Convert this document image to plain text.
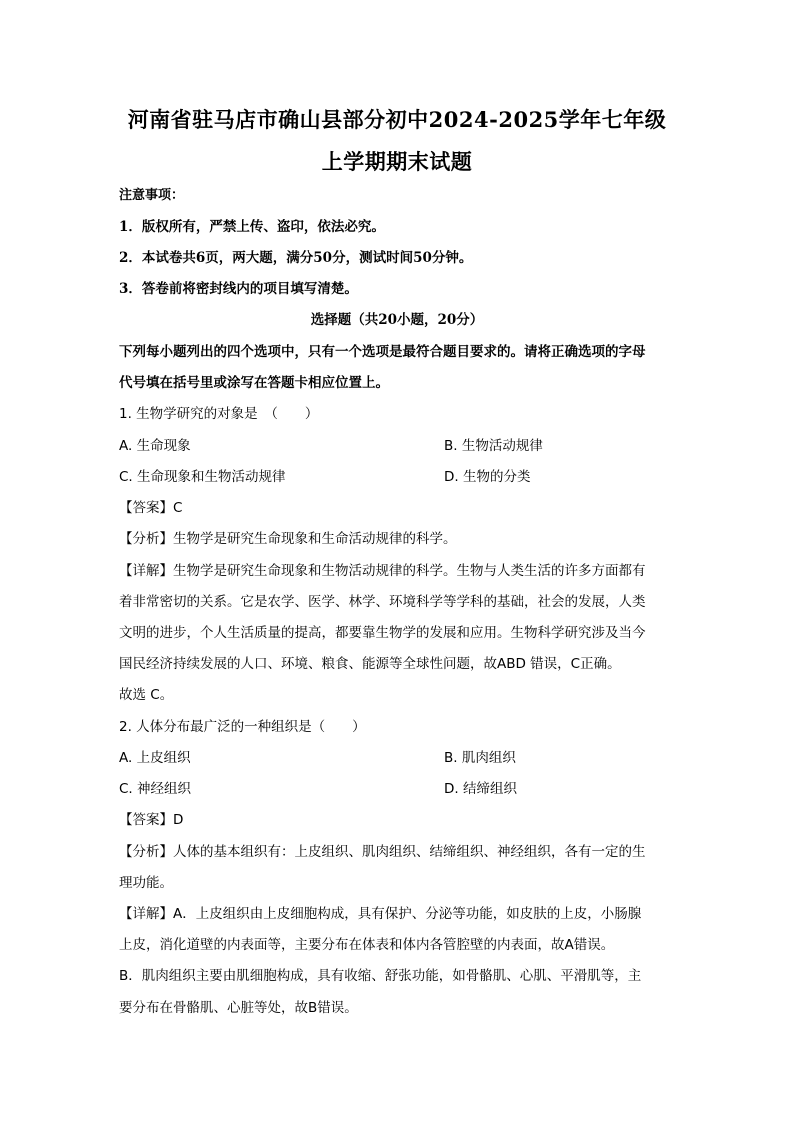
河南省驻马店市确山县部分初中2024-2025学年七年级
上学期期末试题
注意事项：
1．版权所有，严禁上传、盗印，依法必究。
2．本试卷共6页，两大题，满分50分，测试时间50分钟。
3．答卷前将密封线内的项目填写清楚。
选择题（共20小题，20分）
下列每小题列出的四个选项中，只有一个选项是最符合题目要求的。请将正确选项的字母
代号填在括号里或涂写在答题卡相应位置上。
1. 生物学研究的对象是　（　　）
A. 生命现象	B. 生物活动规律
C. 生命现象和生物活动规律	D. 生物的分类
【答案】C
【分析】生物学是研究生命现象和生命活动规律的科学。
【详解】生物学是研究生命现象和生物活动规律的科学。生物与人类生活的许多方面都有
着非常密切的关系。它是农学、医学、林学、环境科学等学科的基础，社会的发展，人类
文明的进步，个人生活质量的提高，都要靠生物学的发展和应用。生物科学研究涉及当今
国民经济持续发展的人口、环境、粮食、能源等全球性问题，故ABD 错误，C正确。
故选 C。
2. 人体分布最广泛的一种组织是（　　）
A. 上皮组织	B. 肌肉组织
C. 神经组织	D. 结缔组织
【答案】D
【分析】人体的基本组织有：上皮组织、肌肉组织、结缔组织、神经组织，各有一定的生
理功能。
【详解】A．上皮组织由上皮细胞构成，具有保护、分泌等功能，如皮肤的上皮，小肠腺
上皮，消化道壁的内表面等，主要分布在体表和体内各管腔壁的内表面，故A错误。
B．肌肉组织主要由肌细胞构成，具有收缩、舒张功能，如骨骼肌、心肌、平滑肌等，主
要分布在骨骼肌、心脏等处，故B错误。
